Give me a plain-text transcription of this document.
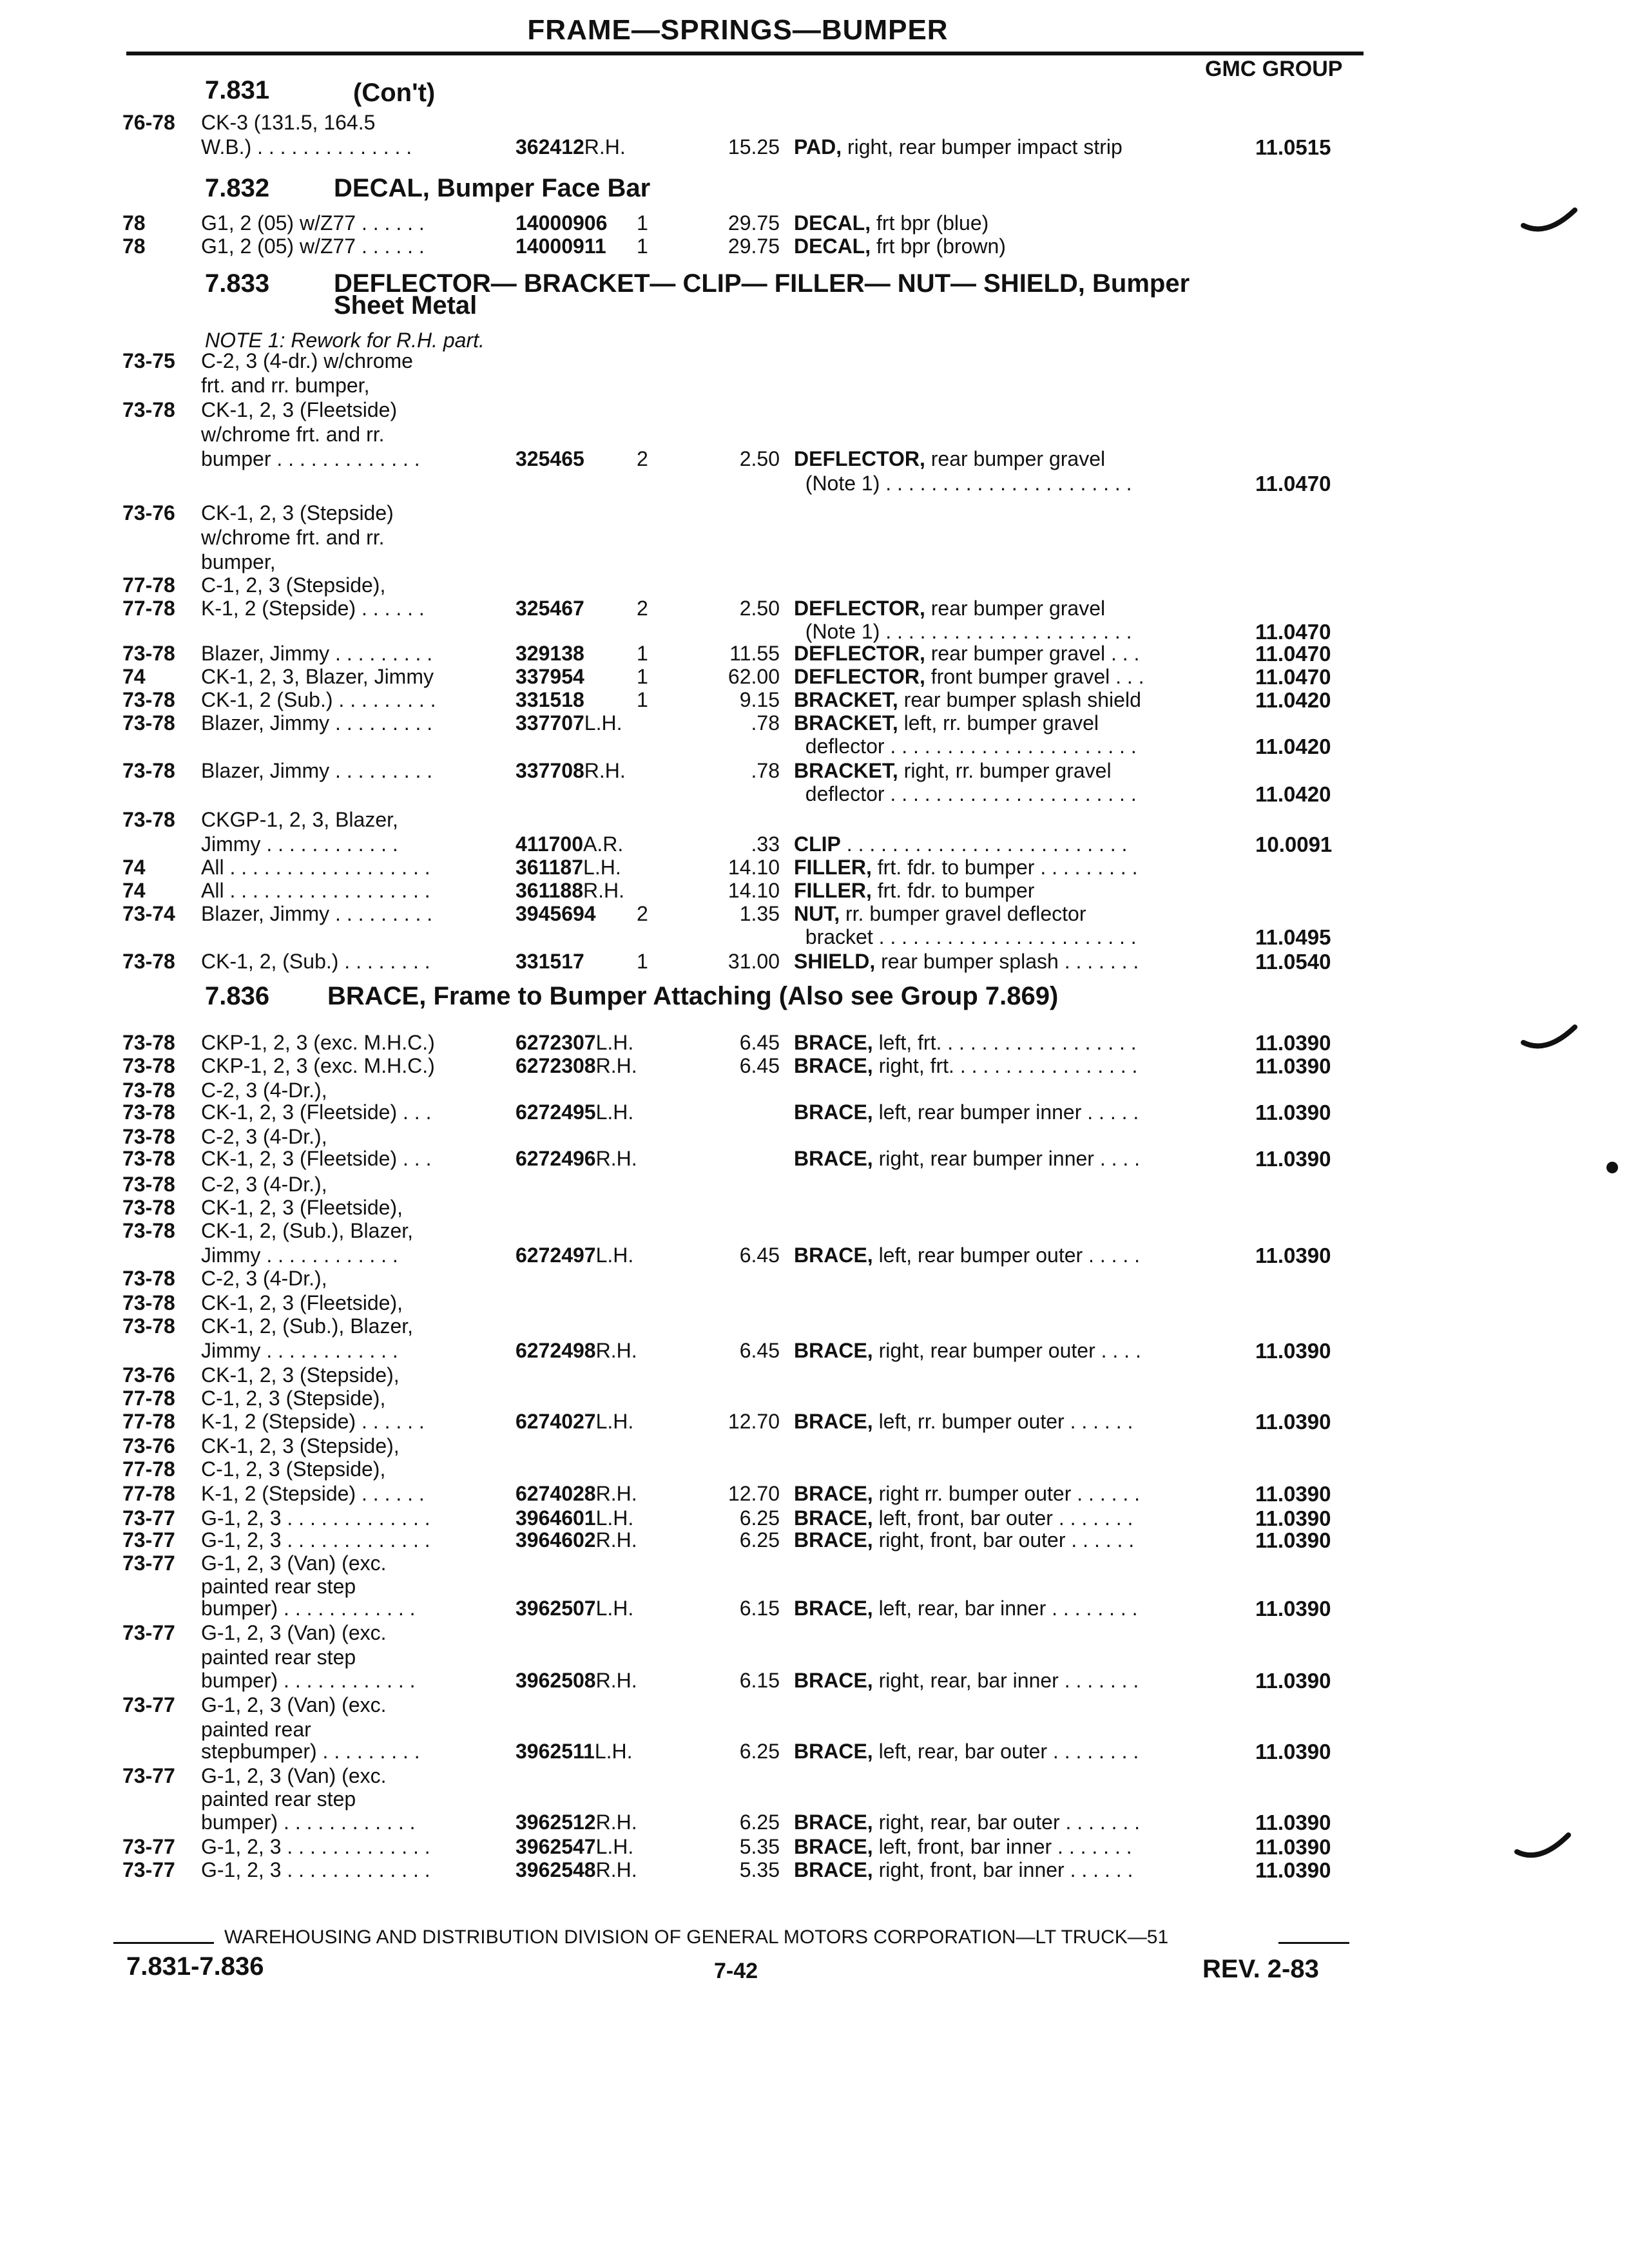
FRAME—SPRINGS—BUMPER
GMC GROUP
7.831	(Con't)
7.832 DECAL, Bumper Face Bar
7.833 DEFLECTOR— BRACKET— CLIP— FILLER— NUT— SHIELD, Bumper
Sheet Metal
NOTE 1: Rework for R.H. part.
7.836 BRACE, Frame to Bumper Attaching (Also see Group 7.869)
76-78 CK-3 (131.5, 164.5
W.B.) . . . . . . . . . . . . . .	362412R.H.	15.25 PAD, right, rear bumper impact strip	11.0515
78	G1, 2 (05) w/Z77 . . . . . .	14000906 1	29.75 DECAL, frt bpr (blue)
78	G1, 2 (05) w/Z77 . . . . . .	14000911 1	29.75 DECAL, frt bpr (brown)
73-75 C-2, 3 (4-dr.) w/chrome
frt. and rr. bumper,
73-78 CK-1, 2, 3 (Fleetside)
w/chrome frt. and rr.
bumper . . . . . . . . . . . . .	325465	2	2.50 DEFLECTOR, rear bumper gravel
(Note 1) . . . . . . . . . . . . . . . . . . . . . .	11.0470
73-76 CK-1, 2, 3 (Stepside)
w/chrome frt. and rr.
bumper,
77-78 C-1, 2, 3 (Stepside),
77-78 K-1, 2 (Stepside) . . . . . .	325467	2	2.50 DEFLECTOR, rear bumper gravel
(Note 1) . . . . . . . . . . . . . . . . . . . . . .	11.0470
73-78 Blazer, Jimmy . . . . . . . . .	329138	1	11.55 DEFLECTOR, rear bumper gravel . . .	11.0470
74	CK-1, 2, 3, Blazer, Jimmy	337954	1	62.00 DEFLECTOR, front bumper gravel . . .	11.0470
73-78 CK-1, 2 (Sub.) . . . . . . . . .	331518	1	9.15 BRACKET, rear bumper splash shield	11.0420
73-78 Blazer, Jimmy . . . . . . . . .	337707L.H.	.78 BRACKET, left, rr. bumper gravel
deflector . . . . . . . . . . . . . . . . . . . . . .	11.0420
73-78 Blazer, Jimmy . . . . . . . . .	337708R.H.	.78 BRACKET, right, rr. bumper gravel
deflector . . . . . . . . . . . . . . . . . . . . . .	11.0420
73-78 CKGP-1, 2, 3, Blazer,
Jimmy . . . . . . . . . . . .	411700A.R.	.33 CLIP . . . . . . . . . . . . . . . . . . . . . . . . .	10.0091
74	All . . . . . . . . . . . . . . . . . .	361187L.H.	14.10 FILLER, frt. fdr. to bumper . . . . . . . . .
74	All . . . . . . . . . . . . . . . . . .	361188R.H.	14.10 FILLER, frt. fdr. to bumper
73-74 Blazer, Jimmy . . . . . . . . .	3945694 2	1.35 NUT, rr. bumper gravel deflector
bracket . . . . . . . . . . . . . . . . . . . . . . .	11.0495
73-78 CK-1, 2, (Sub.) . . . . . . . .	331517	1	31.00 SHIELD, rear bumper splash . . . . . . .	11.0540
73-78 CKP-1, 2, 3 (exc. M.H.C.)	6272307L.H.	6.45 BRACE, left, frt. . . . . . . . . . . . . . . . . .	11.0390
73-78 CKP-1, 2, 3 (exc. M.H.C.)	6272308R.H.	6.45 BRACE, right, frt. . . . . . . . . . . . . . . . .	11.0390
73-78 C-2, 3 (4-Dr.),
73-78 CK-1, 2, 3 (Fleetside) . . .	6272495L.H.	BRACE, left, rear bumper inner . . . . .	11.0390
73-78 C-2, 3 (4-Dr.),
73-78 CK-1, 2, 3 (Fleetside) . . .	6272496R.H.	BRACE, right, rear bumper inner . . . .	11.0390
73-78 C-2, 3 (4-Dr.),
73-78 CK-1, 2, 3 (Fleetside),
73-78 CK-1, 2, (Sub.), Blazer,
Jimmy . . . . . . . . . . . .	6272497L.H.	6.45 BRACE, left, rear bumper outer . . . . .	11.0390
73-78 C-2, 3 (4-Dr.),
73-78 CK-1, 2, 3 (Fleetside),
73-78 CK-1, 2, (Sub.), Blazer,
Jimmy . . . . . . . . . . . .	6272498R.H.	6.45 BRACE, right, rear bumper outer . . . .	11.0390
73-76 CK-1, 2, 3 (Stepside),
77-78 C-1, 2, 3 (Stepside),
77-78 K-1, 2 (Stepside) . . . . . .	6274027L.H.	12.70 BRACE, left, rr. bumper outer . . . . . .	11.0390
73-76 CK-1, 2, 3 (Stepside),
77-78 C-1, 2, 3 (Stepside),
77-78 K-1, 2 (Stepside) . . . . . .	6274028R.H.	12.70 BRACE, right rr. bumper outer . . . . . .	11.0390
73-77 G-1, 2, 3 . . . . . . . . . . . . .	3964601L.H.	6.25 BRACE, left, front, bar outer . . . . . . .	11.0390
73-77 G-1, 2, 3 . . . . . . . . . . . . .	3964602R.H.	6.25 BRACE, right, front, bar outer . . . . . .	11.0390
73-77 G-1, 2, 3 (Van) (exc.
painted rear step
bumper) . . . . . . . . . . . .	3962507L.H.	6.15 BRACE, left, rear, bar inner . . . . . . . .	11.0390
73-77 G-1, 2, 3 (Van) (exc.
painted rear step
bumper) . . . . . . . . . . . .	3962508R.H.	6.15 BRACE, right, rear, bar inner . . . . . . .	11.0390
73-77 G-1, 2, 3 (Van) (exc.
painted rear
stepbumper) . . . . . . . . .	3962511L.H.	6.25 BRACE, left, rear, bar outer . . . . . . . .	11.0390
73-77 G-1, 2, 3 (Van) (exc.
painted rear step
bumper) . . . . . . . . . . . .	3962512R.H.	6.25 BRACE, right, rear, bar outer . . . . . . .	11.0390
73-77 G-1, 2, 3 . . . . . . . . . . . . .	3962547L.H.	5.35 BRACE, left, front, bar inner . . . . . . .	11.0390
73-77 G-1, 2, 3 . . . . . . . . . . . . .	3962548R.H.	5.35 BRACE, right, front, bar inner . . . . . .	11.0390
WAREHOUSING AND DISTRIBUTION DIVISION OF GENERAL MOTORS CORPORATION—LT TRUCK—51
7.831-7.836	7-42	REV. 2-83
